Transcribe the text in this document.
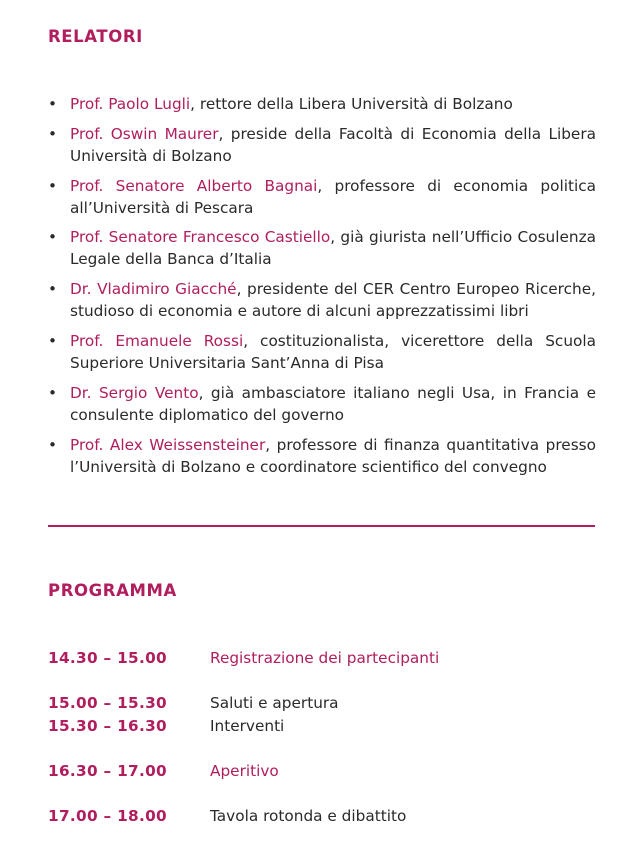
RELATORI
• Prof. Paolo Lugli, rettore della Libera Università di Bolzano
• Prof. Oswin Maurer, preside della Facoltà di Economia della Libera Università di Bolzano
• Prof. Senatore Alberto Bagnai, professore di economia politica all’Università di Pescara
• Prof. Senatore Francesco Castiello, già giurista nell’Ufficio Cosulenza Legale della Banca d’Italia
• Dr. Vladimiro Giacché, presidente del CER Centro Europeo Ricerche, studioso di economia e autore di alcuni apprezzatissimi libri
• Prof. Emanuele Rossi, costituzionalista, vicerettore della Scuola Superiore Universitaria Sant’Anna di Pisa
• Dr. Sergio Vento, già ambasciatore italiano negli Usa, in Francia e consulente diplomatico del governo
• Prof. Alex Weissensteiner, professore di finanza quantitativa presso l’Università di Bolzano e coordinatore scientifico del convegno
PROGRAMMA
14.30 – 15.00	Registrazione dei partecipanti
15.00 – 15.30	Saluti e apertura
15.30 – 16.30	Interventi
16.30 – 17.00	Aperitivo
17.00 – 18.00	Tavola rotonda e dibattito
